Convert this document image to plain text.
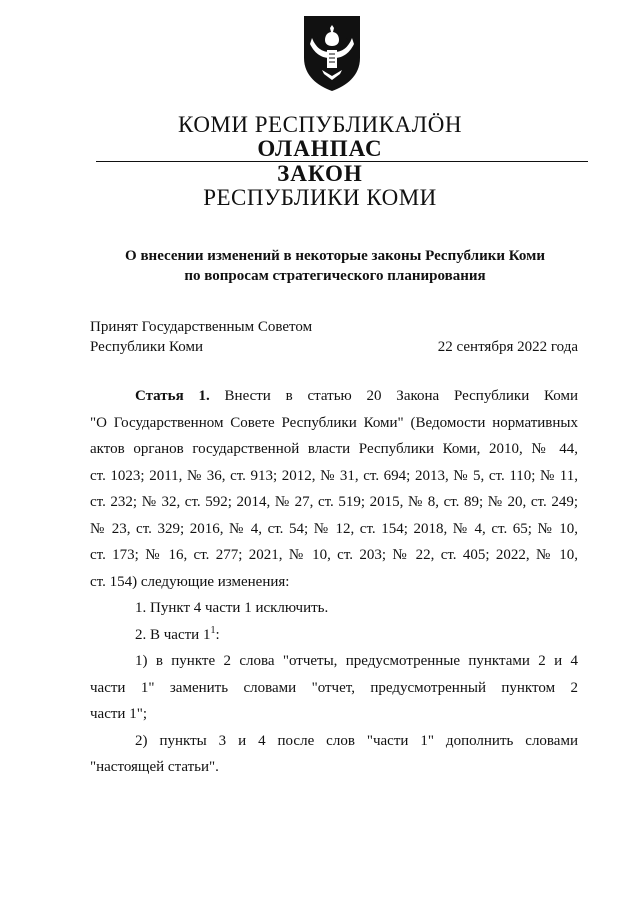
КОМИ РЕСПУБЛИКАЛÖН
ОЛАНПАС
ЗАКОН
РЕСПУБЛИКИ КОМИ
О внесении изменений в некоторые законы Республики Коми
по вопросам стратегического планирования
Принят Государственным Советом
Республики Коми	22 сентября 2022 года
Статья 1. Внести в статью 20 Закона Республики Коми
"О Государственном Совете Республики Коми" (Ведомости нормативных
актов органов государственной власти Республики Коми, 2010, № 44,
ст. 1023; 2011, № 36, ст. 913; 2012, № 31, ст. 694; 2013, № 5, ст. 110; № 11,
ст. 232; № 32, ст. 592; 2014, № 27, ст. 519; 2015, № 8, ст. 89; № 20, ст. 249;
№ 23, ст. 329; 2016, № 4, ст. 54; № 12, ст. 154; 2018, № 4, ст. 65; № 10,
ст. 173; № 16, ст. 277; 2021, № 10, ст. 203; № 22, ст. 405; 2022, № 10,
ст. 154) следующие изменения:
1. Пункт 4 части 1 исключить.
2. В части $1^1$:
1) в пункте 2 слова "отчеты, предусмотренные пунктами 2 и 4
части 1" заменить словами "отчет, предусмотренный пунктом 2
части 1";
2) пункты 3 и 4 после слов "части 1" дополнить словами
"настоящей статьи".
